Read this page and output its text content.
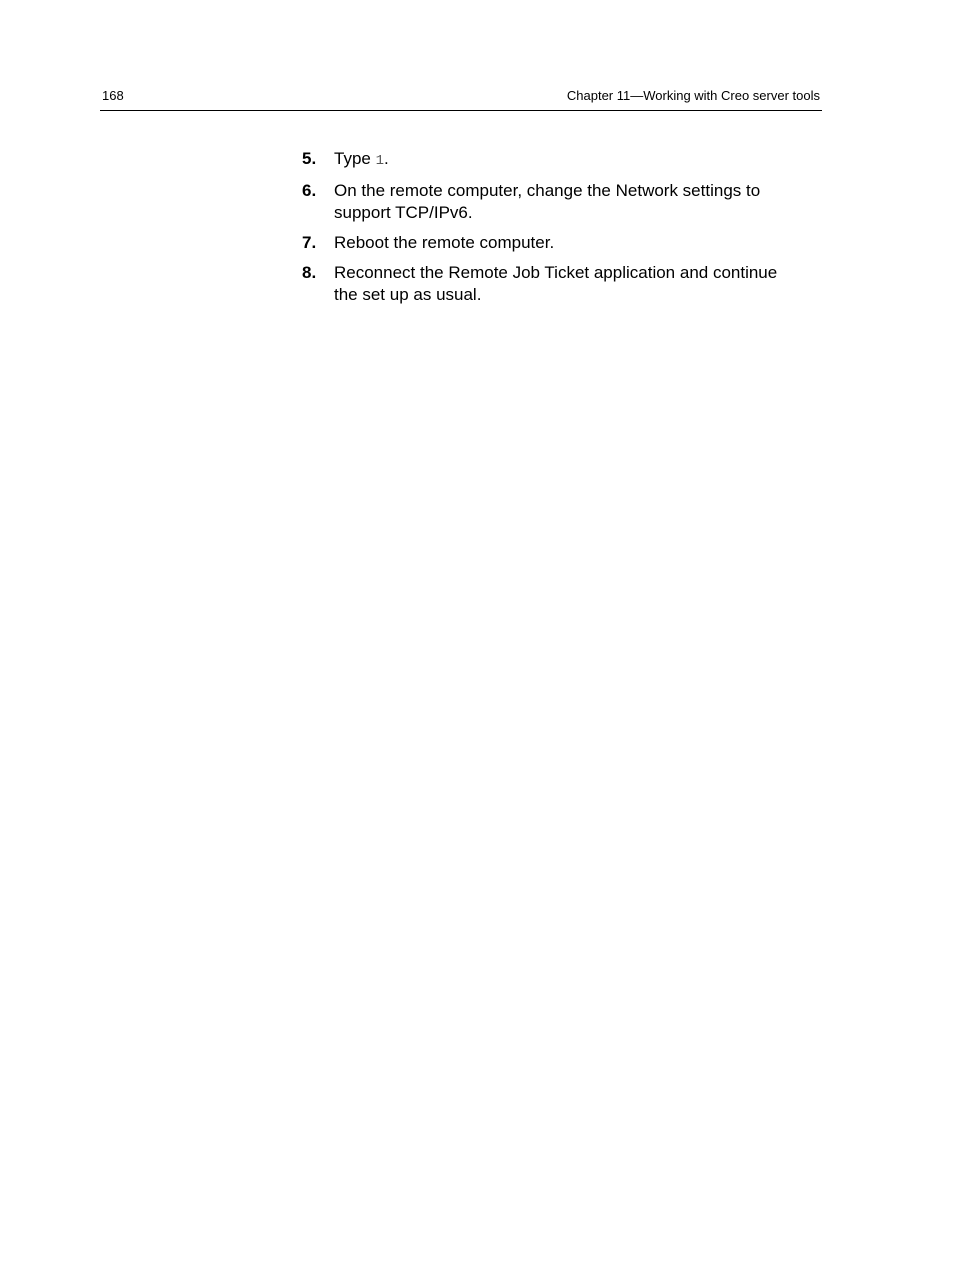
168	Chapter 11—Working with Creo server tools
5. Type 1.
6. On the remote computer, change the Network settings to support TCP/IPv6.
7. Reboot the remote computer.
8. Reconnect the Remote Job Ticket application and continue the set up as usual.
